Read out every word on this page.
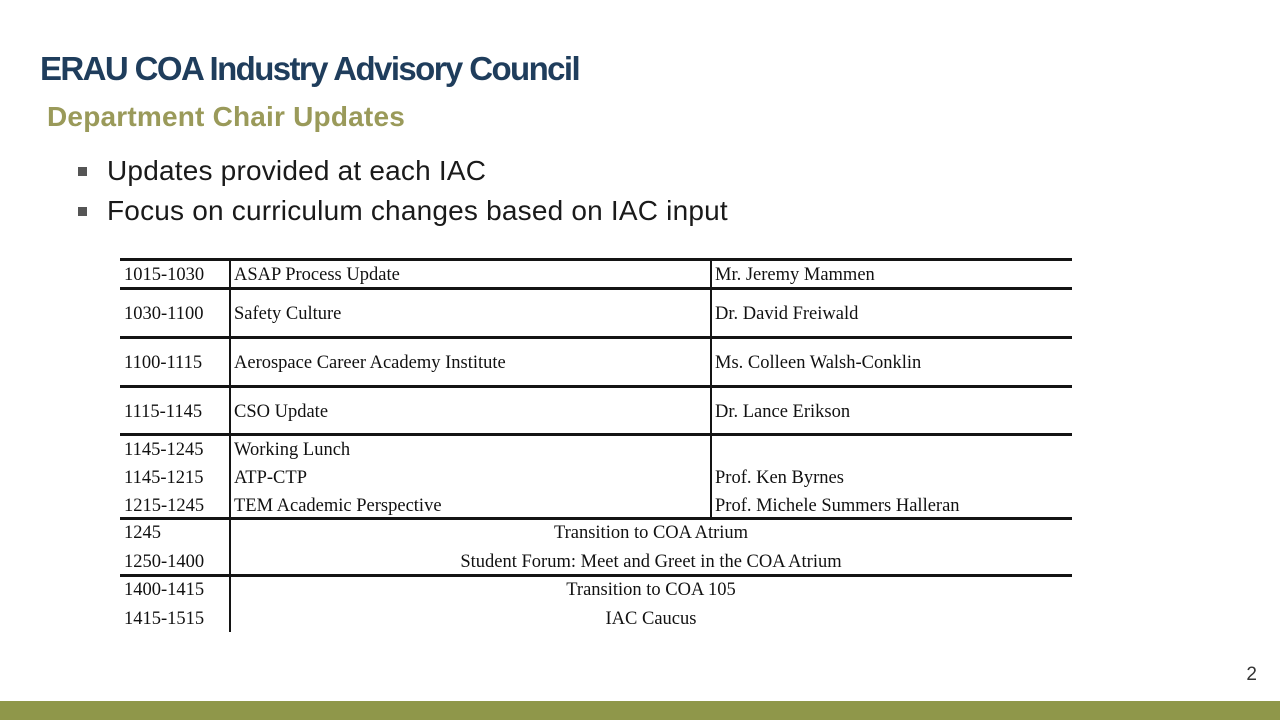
ERAU COA Industry Advisory Council
Department Chair Updates
Updates provided at each IAC
Focus on curriculum changes based on IAC input
1015-1030 ASAP Process Update	Mr. Jeremy Mammen
1030-1100 Safety Culture	Dr. David Freiwald
1100-1115 Aerospace Career Academy Institute	Ms. Colleen Walsh-Conklin
1115-1145 CSO Update	Dr. Lance Erikson
1145-1245 Working Lunch
1145-1215 ATP-CTP	Prof. Ken Byrnes
1215-1245 TEM Academic Perspective	Prof. Michele Summers Halleran
1245	Transition to COA Atrium
1250-1400	Student Forum: Meet and Greet in the COA Atrium
1400-1415	Transition to COA 105
1415-1515	IAC Caucus
2
